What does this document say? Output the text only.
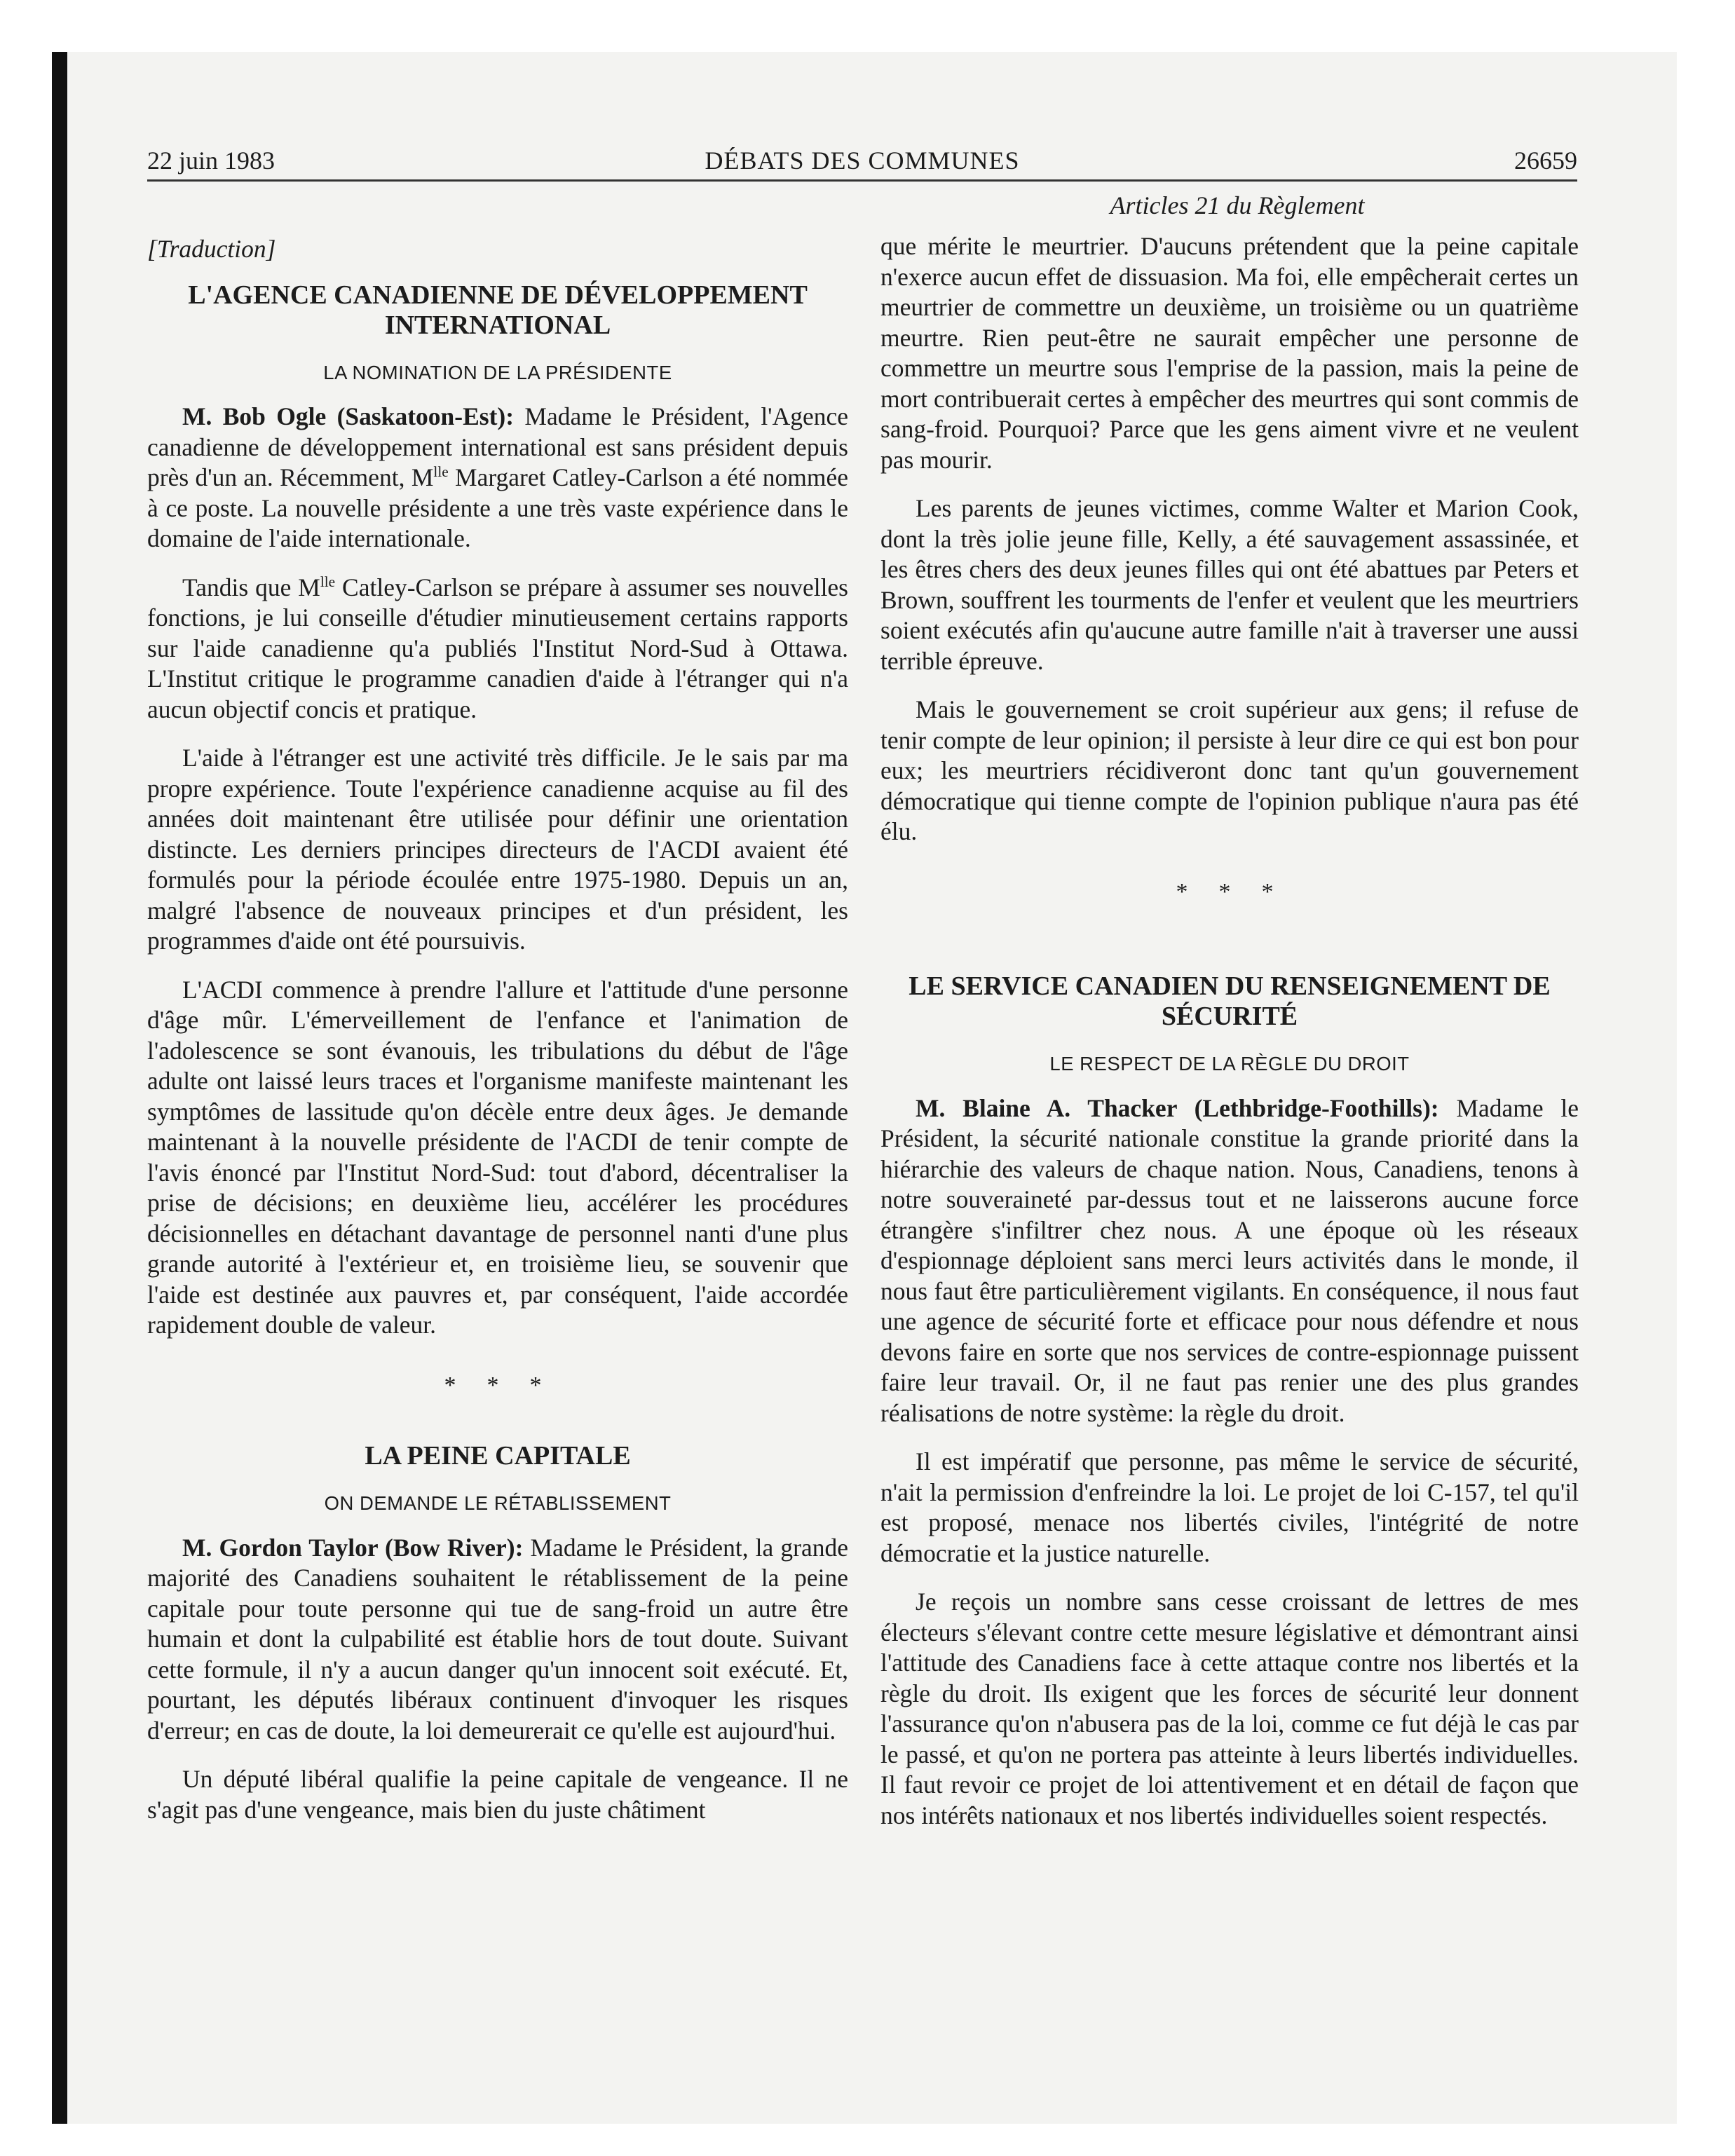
22 juin 1983	DÉBATS DES COMMUNES	26659
Articles 21 du Règlement
[Traduction]
L'AGENCE CANADIENNE DE DÉVELOPPEMENT INTERNATIONAL
LA NOMINATION DE LA PRÉSIDENTE

M. Bob Ogle (Saskatoon-Est): Madame le Président, l'Agence canadienne de développement international est sans président depuis près d'un an. Récemment, $M^{lle}$ Margaret Catley-Carlson a été nommée à ce poste. La nouvelle présidente a une très vaste expérience dans le domaine de l'aide internationale.

Tandis que $M^{lle}$ Catley-Carlson se prépare à assumer ses nouvelles fonctions, je lui conseille d'étudier minutieusement certains rapports sur l'aide canadienne qu'a publiés l'Institut Nord-Sud à Ottawa. L'Institut critique le programme canadien d'aide à l'étranger qui n'a aucun objectif concis et pratique.

L'aide à l'étranger est une activité très difficile. Je le sais par ma propre expérience. Toute l'expérience canadienne acquise au fil des années doit maintenant être utilisée pour définir une orientation distincte. Les derniers principes directeurs de l'ACDI avaient été formulés pour la période écoulée entre 1975-1980. Depuis un an, malgré l'absence de nouveaux principes et d'un président, les programmes d'aide ont été poursuivis.

L'ACDI commence à prendre l'allure et l'attitude d'une personne d'âge mûr. L'émerveillement de l'enfance et l'animation de l'adolescence se sont évanouis, les tribulations du début de l'âge adulte ont laissé leurs traces et l'organisme manifeste maintenant les symptômes de lassitude qu'on décèle entre deux âges. Je demande maintenant à la nouvelle présidente de l'ACDI de tenir compte de l'avis énoncé par l'Institut Nord-Sud: tout d'abord, décentraliser la prise de décisions; en deuxième lieu, accélérer les procédures décisionnelles en détachant davantage de personnel nanti d'une plus grande autorité à l'extérieur et, en troisième lieu, se souvenir que l'aide est destinée aux pauvres et, par conséquent, l'aide accordée rapidement double de valeur.

***
LA PEINE CAPITALE
ON DEMANDE LE RÉTABLISSEMENT

M. Gordon Taylor (Bow River): Madame le Président, la grande majorité des Canadiens souhaitent le rétablissement de la peine capitale pour toute personne qui tue de sang-froid un autre être humain et dont la culpabilité est établie hors de tout doute. Suivant cette formule, il n'y a aucun danger qu'un innocent soit exécuté. Et, pourtant, les députés libéraux continuent d'invoquer les risques d'erreur; en cas de doute, la loi demeurerait ce qu'elle est aujourd'hui.

Un député libéral qualifie la peine capitale de vengeance. Il ne s'agit pas d'une vengeance, mais bien du juste châtiment

que mérite le meurtrier. D'aucuns prétendent que la peine capitale n'exerce aucun effet de dissuasion. Ma foi, elle empêcherait certes un meurtrier de commettre un deuxième, un troisième ou un quatrième meurtre. Rien peut-être ne saurait empêcher une personne de commettre un meurtre sous l'emprise de la passion, mais la peine de mort contribuerait certes à empêcher des meurtres qui sont commis de sang-froid. Pourquoi? Parce que les gens aiment vivre et ne veulent pas mourir.

Les parents de jeunes victimes, comme Walter et Marion Cook, dont la très jolie jeune fille, Kelly, a été sauvagement assassinée, et les êtres chers des deux jeunes filles qui ont été abattues par Peters et Brown, souffrent les tourments de l'enfer et veulent que les meurtriers soient exécutés afin qu'aucune autre famille n'ait à traverser une aussi terrible épreuve.

Mais le gouvernement se croit supérieur aux gens; il refuse de tenir compte de leur opinion; il persiste à leur dire ce qui est bon pour eux; les meurtriers récidiveront donc tant qu'un gouvernement démocratique qui tienne compte de l'opinion publique n'aura pas été élu.

***
LE SERVICE CANADIEN DU RENSEIGNEMENT DE SÉCURITÉ
LE RESPECT DE LA RÈGLE DU DROIT

M. Blaine A. Thacker (Lethbridge-Foothills): Madame le Président, la sécurité nationale constitue la grande priorité dans la hiérarchie des valeurs de chaque nation. Nous, Canadiens, tenons à notre souveraineté par-dessus tout et ne laisserons aucune force étrangère s'infiltrer chez nous. A une époque où les réseaux d'espionnage déploient sans merci leurs activités dans le monde, il nous faut être particulièrement vigilants. En conséquence, il nous faut une agence de sécurité forte et efficace pour nous défendre et nous devons faire en sorte que nos services de contre-espionnage puissent faire leur travail. Or, il ne faut pas renier une des plus grandes réalisations de notre système: la règle du droit.

Il est impératif que personne, pas même le service de sécurité, n'ait la permission d'enfreindre la loi. Le projet de loi C-157, tel qu'il est proposé, menace nos libertés civiles, l'intégrité de notre démocratie et la justice naturelle.

Je reçois un nombre sans cesse croissant de lettres de mes électeurs s'élevant contre cette mesure législative et démontrant ainsi l'attitude des Canadiens face à cette attaque contre nos libertés et la règle du droit. Ils exigent que les forces de sécurité leur donnent l'assurance qu'on n'abusera pas de la loi, comme ce fut déjà le cas par le passé, et qu'on ne portera pas atteinte à leurs libertés individuelles. Il faut revoir ce projet de loi attentivement et en détail de façon que nos intérêts nationaux et nos libertés individuelles soient respectés.
